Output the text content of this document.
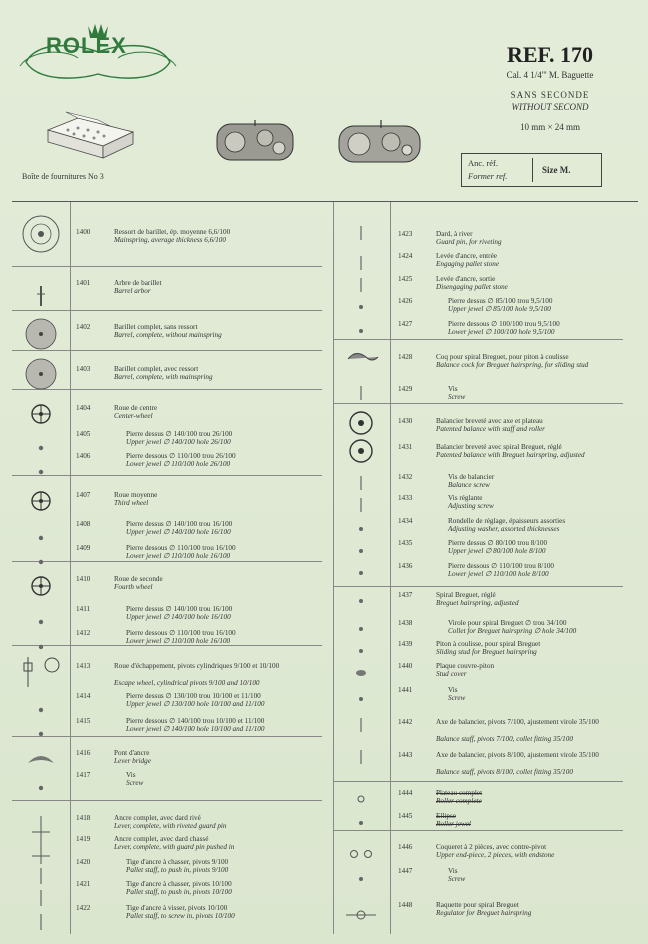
ROLEX	REF. 170
Cal. 4 1/4''' M. Baguette
SANS SECONDE
WITHOUT SECOND
10 mm × 24 mm
Anc. réf.
Former ref.
Size M.
Boîte de fournitures No 3
1400	Ressort de barillet, ép. moyenne 6,6/100
Mainspring, average thickness 6,6/100
1401	Arbre de barillet
Barrel arbor
1402	Barillet complet, sans ressort
Barrel, complete, without mainspring
1403	Barillet complet, avec ressort
Barrel, complete, with mainspring
1404	Roue de centre
Center-wheel
1405	Pierre dessus ∅ 140/100 trou 26/100
Upper jewel ∅ 140/100 hole 26/100
1406	Pierre dessous ∅ 110/100 trou 26/100
Lower jewel ∅ 110/100 hole 26/100
1407	Roue moyenne
Third wheel
1408	Pierre dessus ∅ 140/100 trou 16/100
Upper jewel ∅ 140/100 hole 16/100
1409	Pierre dessous ∅ 110/100 trou 16/100
Lower jewel ∅ 110/100 hole 16/100
1410	Roue de seconde
Fourth wheel
1411	Pierre dessus ∅ 140/100 trou 16/100
Upper jewel ∅ 140/100 hole 16/100
1412	Pierre dessous ∅ 110/100 trou 16/100
Lower jewel ∅ 110/100 hole 16/100
1413	Roue d'échappement, pivots cylindriques 9/100 et 10/100
Escape wheel, cylindrical pivots 9/100 and 10/100
1414	Pierre dessus ∅ 130/100 trou 10/100 et 11/100
Upper jewel ∅ 130/100 hole 10/100 and 11/100
1415	Pierre dessous ∅ 140/100 trou 10/100 et 11/100
Lower jewel ∅ 140/100 hole 10/100 and 11/100
1416	Pont d'ancre
Lever bridge
1417	Vis
Screw
1418	Ancre complet, avec dard rivé
Lever, complete, with riveted guard pin
1419	Ancre complet, avec dard chassé
Lever, complete, with guard pin pushed in
1420	Tige d'ancre à chasser, pivots 9/100
Pallet staff, to push in, pivots 9/100
1421	Tige d'ancre à chasser, pivots 10/100
Pallet staff, to push in, pivots 10/100
1422	Tige d'ancre à visser, pivots 10/100
Pallet staff, to screw in, pivots 10/100
1423	Dard, à river
Guard pin, for riveting
1424	Levée d'ancre, entrée
Engaging pallet stone
1425	Levée d'ancre, sortie
Disengaging pallet stone
1426	Pierre dessus ∅ 85/100 trou 9,5/100
Upper jewel ∅ 85/100 hole 9,5/100
1427	Pierre dessous ∅ 100/100 trou 9,5/100
Lower jewel ∅ 100/100 hole 9,5/100
1428	Coq pour spiral Breguet, pour piton à coulisse
Balance cock for Breguet hairspring, for sliding stud
1429	Vis
Screw
1430	Balancier breveté avec axe et plateau
Patented balance with staff and roller
1431	Balancier breveté avec spiral Breguet, réglé
Patented balance with Breguet hairspring, adjusted
1432	Vis de balancier
Balance screw
1433	Vis réglante
Adjusting screw
1434	Rondelle de réglage, épaisseurs assorties
Adjusting washer, assorted thicknesses
1435	Pierre dessus ∅ 80/100 trou 8/100
Upper jewel ∅ 80/100 hole 8/100
1436	Pierre dessous ∅ 110/100 trou 8/100
Lower jewel ∅ 110/100 hole 8/100
1437	Spiral Breguet, réglé
Breguet hairspring, adjusted
1438	Virole pour spiral Breguet ∅ trou 34/100
Collet for Breguet hairspring ∅ hole 34/100
1439	Piton à coulisse, pour spiral Breguet
Sliding stud for Breguet hairspring
1440	Plaque couvre-piton
Stud cover
1441	Vis
Screw
1442	Axe de balancier, pivots 7/100, ajustement virole 35/100
Balance staff, pivots 7/100, collet fitting 35/100
1443	Axe de balancier, pivots 8/100, ajustement virole 35/100
Balance staff, pivots 8/100, collet fitting 35/100
1444	Plateau complet
Roller complete
1445	Ellipse
Roller jewel
1446	Coqueret à 2 pièces, avec contre-pivot
Upper end-piece, 2 pieces, with endstone
1447	Vis
Screw
1448	Raquette pour spiral Breguet
Regulator for Breguet hairspring
